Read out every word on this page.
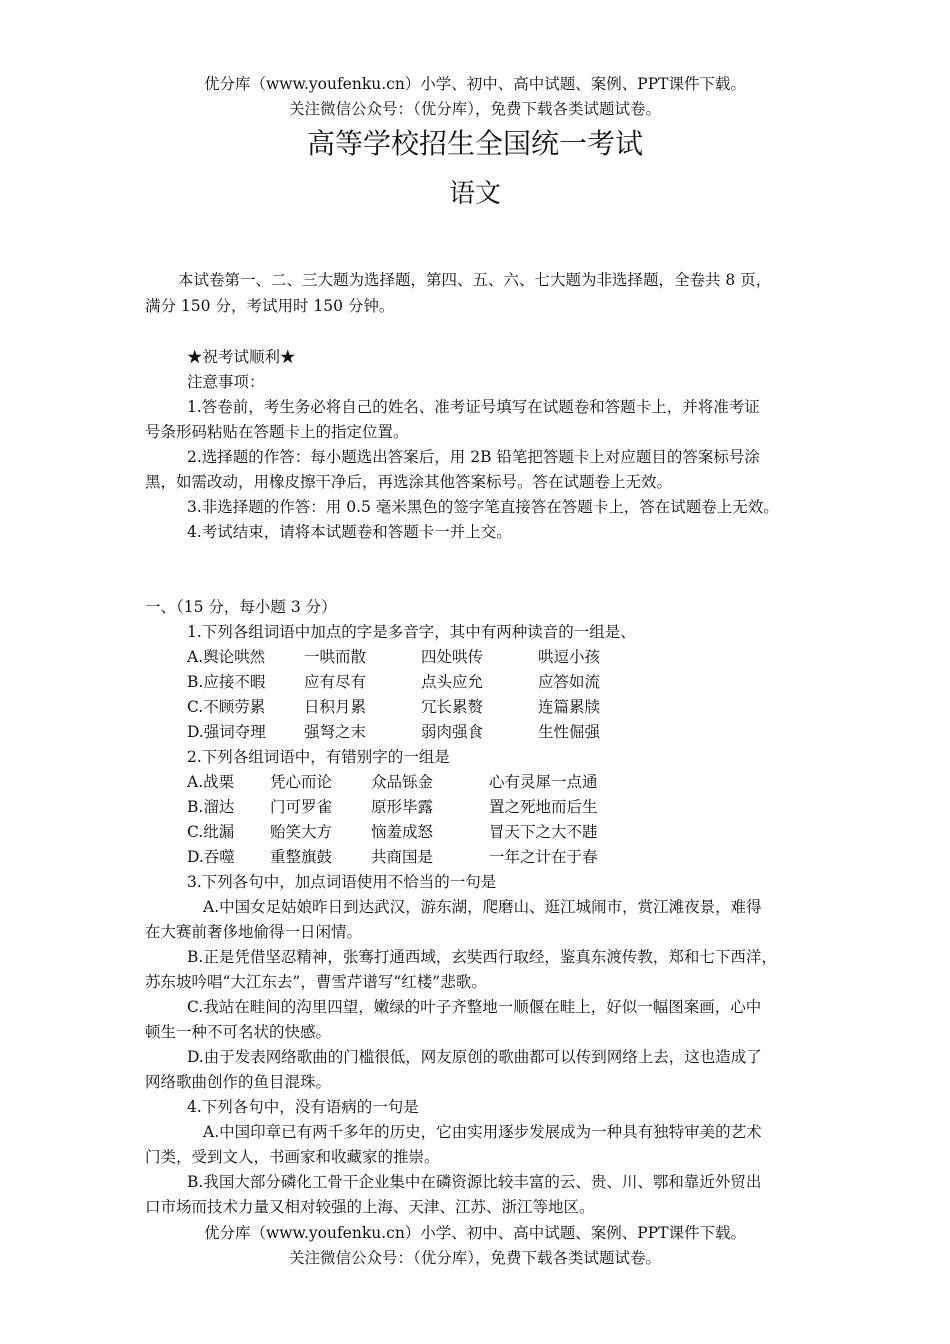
优分库（www.youfenku.cn）小学、初中、高中试题、案例、PPT课件下载。
关注微信公众号：（优分库），免费下载各类试题试卷。
高等学校招生全国统一考试
语文
本试卷第一、二、三大题为选择题，第四、五、六、七大题为非选择题，全卷共 8 页，
满分 150 分，考试用时 150 分钟。
★祝考试顺利★
注意事项：
1.答卷前，考生务必将自己的姓名、准考证号填写在试题卷和答题卡上，并将准考证
号条形码粘贴在答题卡上的指定位置。
2.选择题的作答：每小题选出答案后，用 2B 铅笔把答题卡上对应题目的答案标号涂
黑，如需改动，用橡皮擦干净后，再选涂其他答案标号。答在试题卷上无效。
3.非选择题的作答：用 0.5 毫米黑色的签字笔直接答在答题卡上，答在试题卷上无效。
4.考试结束，请将本试题卷和答题卡一并上交。
一、（15 分，每小题 3 分）
1.下列各组词语中加点的字是多音字，其中有两种读音的一组是、
A.舆论哄然	一哄而散	四处哄传	哄逗小孩
B.应接不暇 应有尽有	点头应允	应答如流
C.不顾劳累	日积月累	冗长累赘	连篇累牍
D.强词夺理 强弩之末	弱肉强食	生性倔强
2.下列各组词语中，有错别字的一组是
A.战栗 凭心而论	众品铄金	心有灵犀一点通
B.溜达 门可罗雀	原形毕露	置之死地而后生
C.纰漏 贻笑大方	恼羞成怒	冒天下之大不韪
D.吞噬 重整旗鼓	共商国是	一年之计在于春
3.下列各句中，加点词语使用不恰当的一句是
A.中国女足姑娘昨日到达武汉，游东湖，爬磨山、逛江城闹市，赏江滩夜景，难得
在大赛前奢侈地偷得一日闲情。
B.正是凭借坚忍精神，张骞打通西域，玄奘西行取经，鉴真东渡传教，郑和七下西洋，
苏东坡吟唱“大江东去”，曹雪芹谱写“红楼”悲歌。
C.我站在畦间的沟里四望，嫩绿的叶子齐整地一顺偃在畦上，好似一幅图案画，心中
顿生一种不可名状的快感。
D.由于发表网络歌曲的门槛很低，网友原创的歌曲都可以传到网络上去，这也造成了
网络歌曲创作的鱼目混珠。
4.下列各句中，没有语病的一句是
A.中国印章已有两千多年的历史，它由实用逐步发展成为一种具有独特审美的艺术
门类，受到文人，书画家和收藏家的推崇。
B.我国大部分磷化工骨干企业集中在磷资源比较丰富的云、贵、川、鄂和靠近外贸出
口市场而技术力量又相对较强的上海、天津、江苏、浙江等地区。
优分库（www.youfenku.cn）小学、初中、高中试题、案例、PPT课件下载。
关注微信公众号：（优分库），免费下载各类试题试卷。
